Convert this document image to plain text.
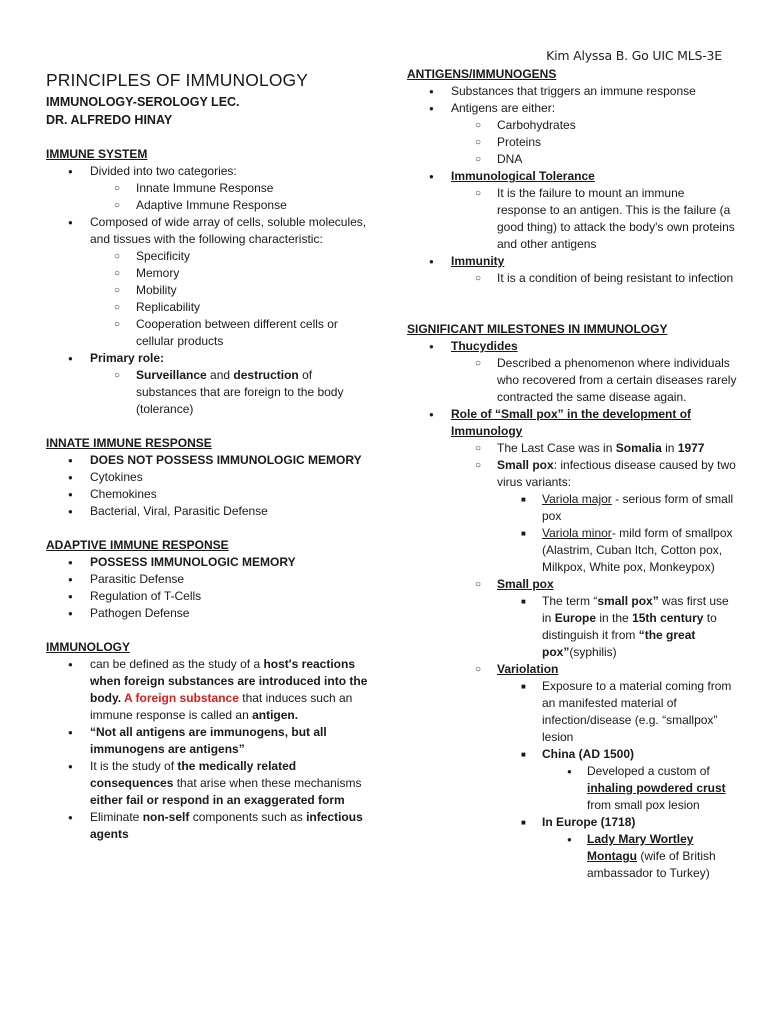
Kim Alyssa B. Go UIC MLS-3E
PRINCIPLES OF IMMUNOLOGY
IMMUNOLOGY-SEROLOGY LEC.
DR. ALFREDO HINAY
IMMUNE SYSTEM
● Divided into two categories:
○ Innate Immune Response
○ Adaptive Immune Response
● Composed of wide array of cells, soluble molecules, and tissues with the following characteristic:
○ Specificity
○ Memory
○ Mobility
○ Replicability
○ Cooperation between different cells or cellular products
● Primary role:
○ Surveillance and destruction of substances that are foreign to the body (tolerance)
INNATE IMMUNE RESPONSE
● DOES NOT POSSESS IMMUNOLOGIC MEMORY
● Cytokines
● Chemokines
● Bacterial, Viral, Parasitic Defense
ADAPTIVE IMMUNE RESPONSE
● POSSESS IMMUNOLOGIC MEMORY
● Parasitic Defense
● Regulation of T-Cells
● Pathogen Defense
IMMUNOLOGY
● can be defined as the study of a host's reactions when foreign substances are introduced into the body. A foreign substance that induces such an immune response is called an antigen.
● “Not all antigens are immunogens, but all immunogens are antigens”
● It is the study of the medically related consequences that arise when these mechanisms either fail or respond in an exaggerated form
● Eliminate non-self components such as infectious agents
ANTIGENS/IMMUNOGENS
● Substances that triggers an immune response
● Antigens are either:
○ Carbohydrates
○ Proteins
○ DNA
● Immunological Tolerance
○ It is the failure to mount an immune response to an antigen. This is the failure (a good thing) to attack the body's own proteins and other antigens
● Immunity
○ It is a condition of being resistant to infection
SIGNIFICANT MILESTONES IN IMMUNOLOGY
● Thucydides
○ Described a phenomenon where individuals who recovered from a certain diseases rarely contracted the same disease again.
● Role of “Small pox” in the development of Immunology
○ The Last Case was in Somalia in 1977
○ Small pox: infectious disease caused by two virus variants:
■ Variola major - serious form of small pox
■ Variola minor- mild form of smallpox (Alastrim, Cuban Itch, Cotton pox, Milkpox, White pox, Monkeypox)
○ Small pox
■ The term “small pox” was first use in Europe in the 15th century to distinguish it from “the great pox”(syphilis)
○ Variolation
■ Exposure to a material coming from an manifested material of infection/disease (e.g. “smallpox” lesion
■ China (AD 1500)
● Developed a custom of inhaling powdered crust from small pox lesion
■ In Europe (1718)
● Lady Mary Wortley Montagu (wife of British ambassador to Turkey)
